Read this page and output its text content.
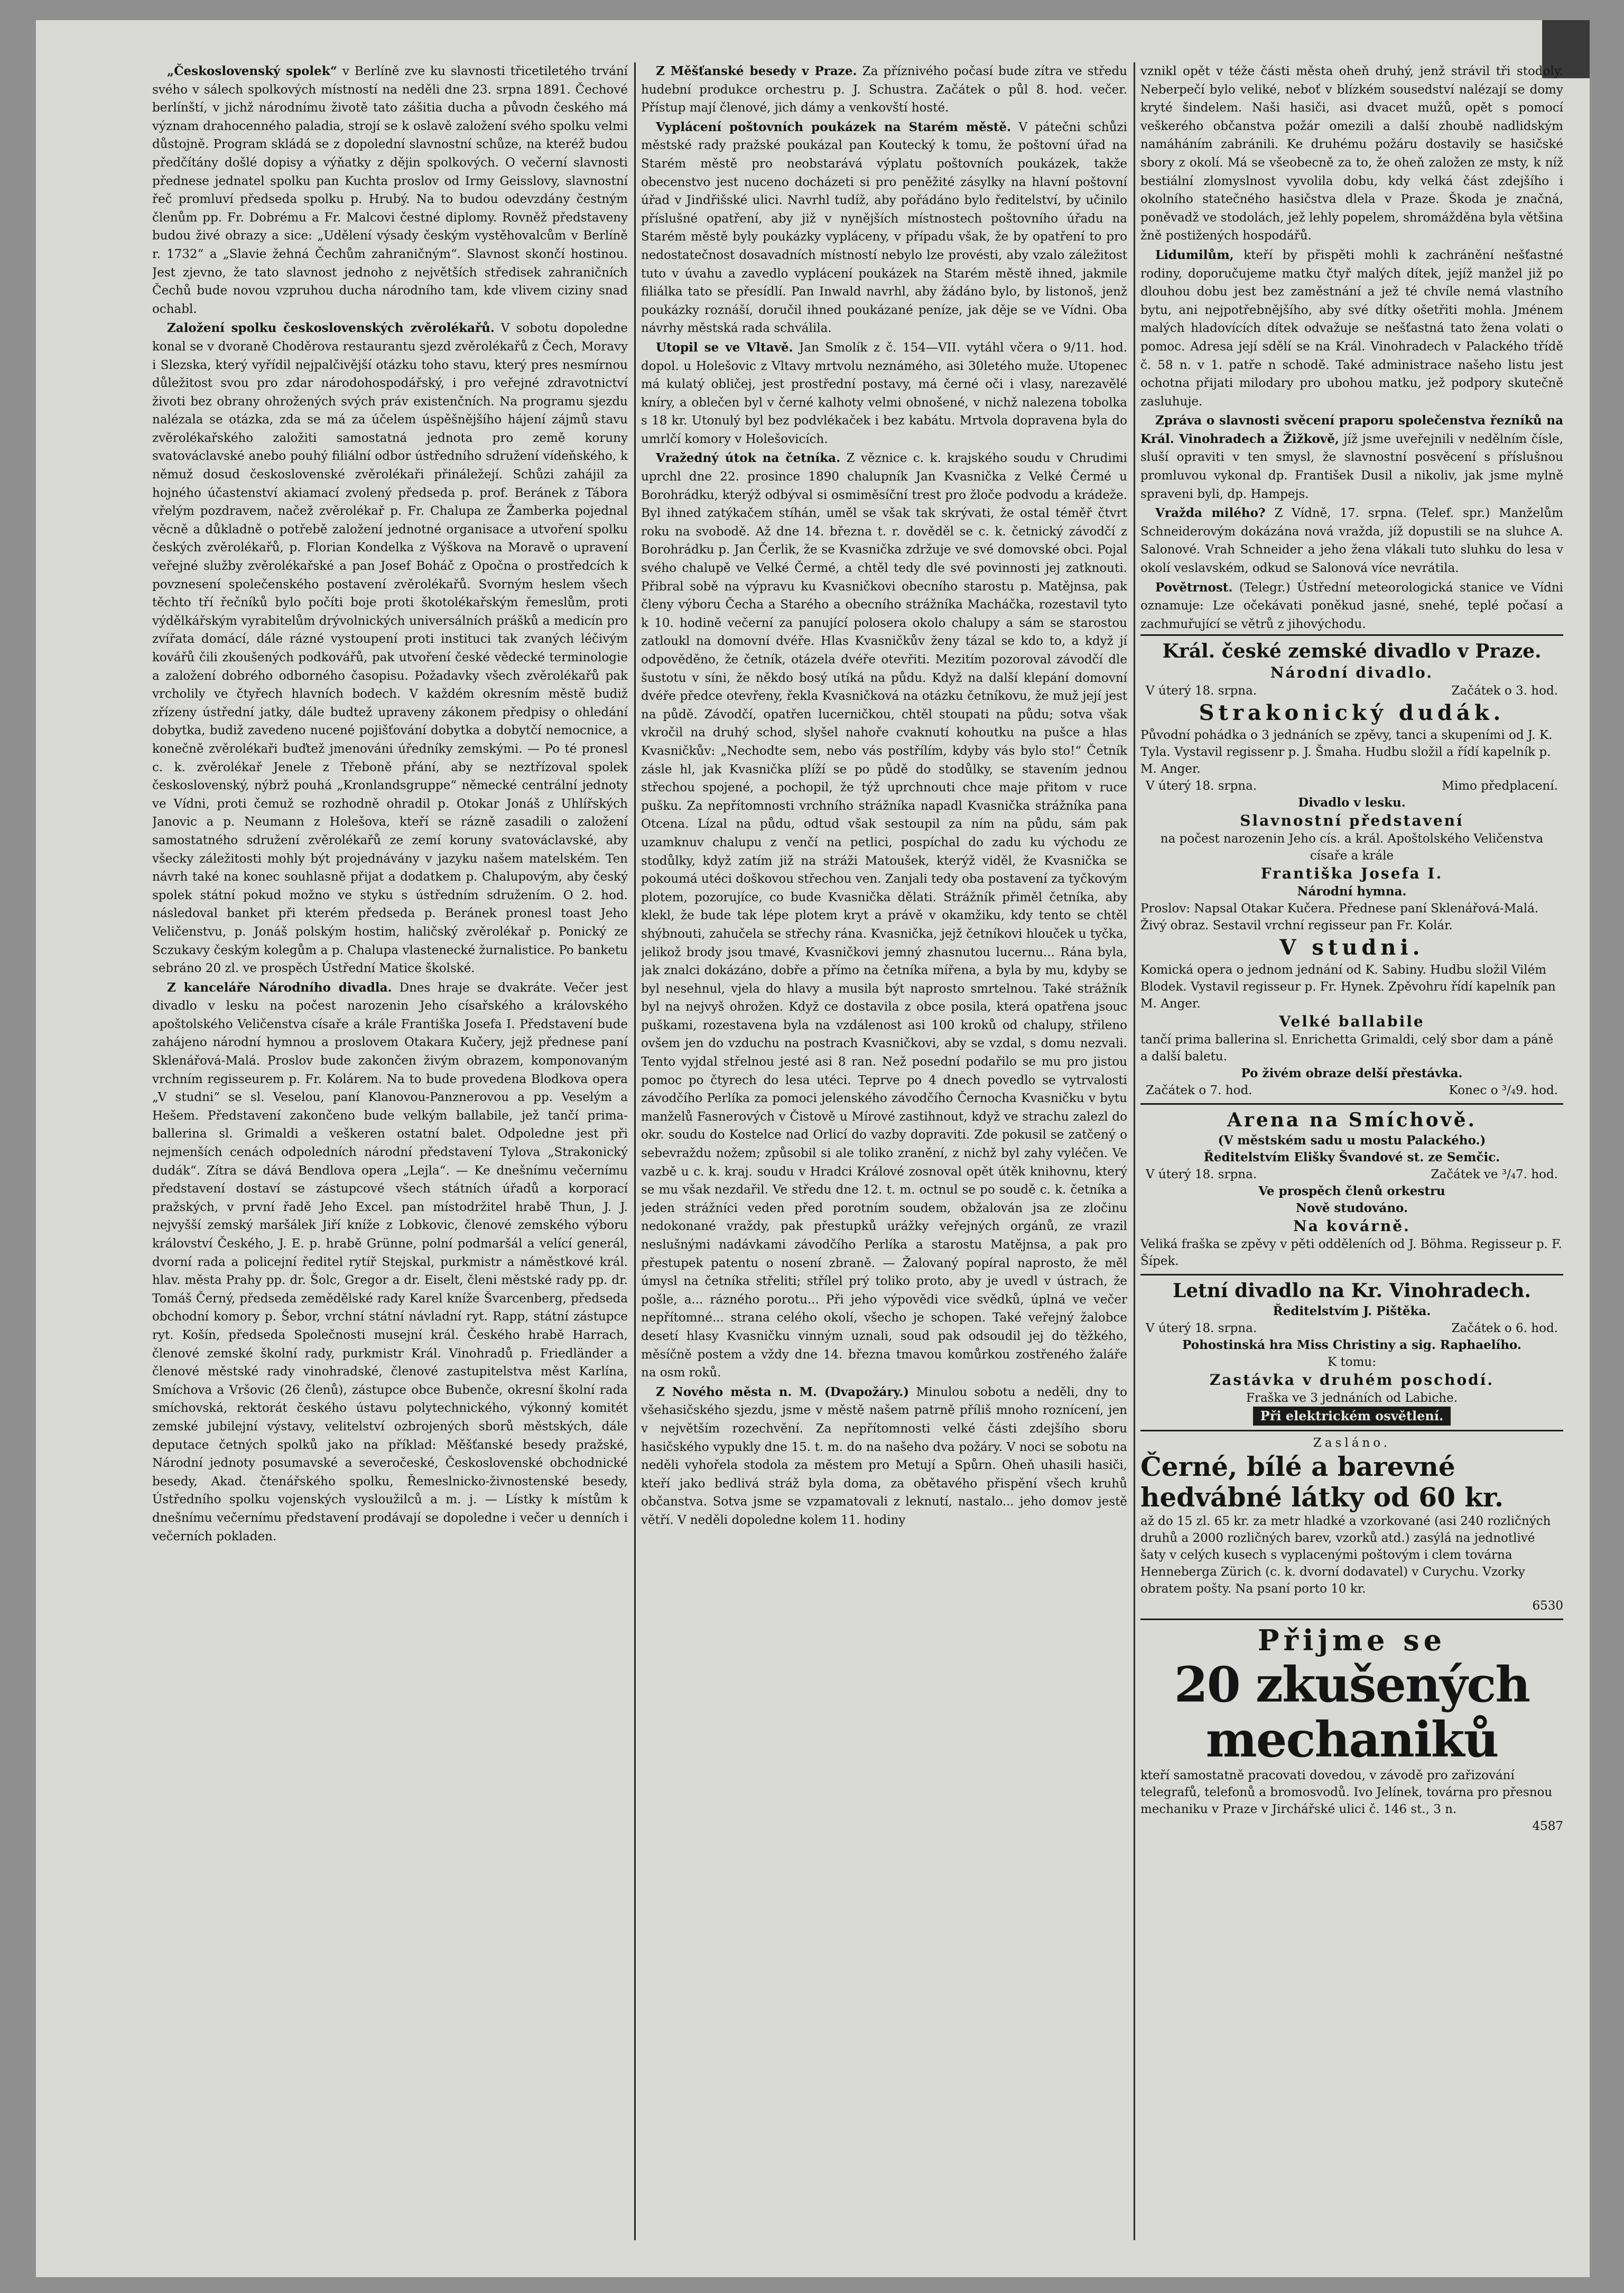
„Československý spolek“ v Berlíně zve ku slavnosti třicetiletého trvání svého v sálech spolkových místností na neděli dne 23. srpna 1891. Čechové berlínští, v jichž národnímu životě tato zášitia ducha a původn českého má význam drahocenného paladia, strojí se k oslavě založení svého spolku velmi důstojně. Program skládá se z dopolední slavnostní schůze, na kteréž budou předčítány došlé dopisy a výňatky z dějin spolkových. O večerní slavnosti přednese jednatel spolku pan Kuchta proslov od Irmy Geisslovy, slavnostní řeč promluví předseda spolku p. Hrubý. Na to budou odevzdány čestným členům pp. Fr. Dobrému a Fr. Malcovi čestné diplomy. Rovněž představeny budou živé obrazy a sice: „Udělení výsady českým vystěhovalcům v Berlíně r. 1732“ a „Slavie žehná Čechům zahraničným“. Slavnost skončí hostinou. Jest zjevno, že tato slavnost jednoho z největších středisek zahraničních Čechů bude novou vzpruhou ducha národního tam, kde vlivem ciziny snad ochabl.

Založení spolku československých zvěrolékařů. V sobotu dopoledne konal se v dvoraně Choděrova restaurantu sjezd zvěrolékařů z Čech, Moravy i Slezska, který vyřídil nejpalčivější otázku toho stavu, který pres nesmírnou důležitost svou pro zdar národohospodářský, i pro veřejné zdravotnictví životi bez obrany ohrožených svých práv existenčních. Na programu sjezdu nalézala se otázka, zda se má za účelem úspěšnějšího hájení zájmů stavu zvěrolékařského založiti samostatná jednota pro země koruny svatováclavské anebo pouhý filiální odbor ústředního sdružení vídeňského, k němuž dosud československé zvěrolékaři přináležejí. Schůzi zahájil za hojného účastenství akiamací zvolený předseda p. prof. Beránek z Tábora vřelým pozdravem, načež zvěrolékař p. Fr. Chalupa ze Žamberka pojednal věcně a důkladně o potřebě založení jednotné organisace a utvoření spolku českých zvěrolékařů, p. Florian Kondelka z Výškova na Moravě o upravení veřejné služby zvěrolékařské a pan Josef Boháč z Opočna o prostředcích k povznesení společenského postavení zvěrolékařů. Svorným heslem všech těchto tří řečníků bylo počíti boje proti škotolékařským řemeslům, proti výdělkářským vyrabitelům drývolnických universálních prášků a medicín pro zvířata domácí, dále rázné vystoupení proti instituci tak zvaných léčivým kovářů čili zkoušených podkovářů, pak utvoření české vědecké terminologie a založení dobrého odborného časopisu. Požadavky všech zvěrolékařů pak vrcholily ve čtyřech hlavních bodech. V každém okresním městě budiž zřízeny ústřední jatky, dále budtež upraveny zákonem předpisy o ohledání dobytka, budiž zavedeno nucené pojišťování dobytka a dobytčí nemocnice, a konečně zvěrolékaři buďtež jmenováni úředníky zemskými. — Po té pronesl c. k. zvěrolékař Jenele z Třeboně přání, aby se neztřízoval spolek československý, nýbrž pouhá „Kronlandsgruppe“ německé centrální jednoty ve Vídni, proti čemuž se rozhodně ohradil p. Otokar Jonáš z Uhlířských Janovic a p. Neumann z Holešova, kteří se rázně zasadili o založení samostatného sdružení zvěrolékařů ze zemí koruny svatováclavské, aby všecky záležitosti mohly být projednávány v jazyku našem matelském. Ten návrh také na konec souhlasně přijat a dodatkem p. Chalupovým, aby český spolek státní pokud možno ve styku s ústředním sdružením. O 2. hod. následoval banket při kterém předseda p. Beránek pronesl toast Jeho Veličenstvu, p. Jonáš polským hostim, haličský zvěrolékař p. Ponický ze Sczukavy českým kolegům a p. Chalupa vlastenecké žurnalistice. Po banketu sebráno 20 zl. ve prospěch Ústřední Matice školské.

Z kanceláře Národního divadla. Dnes hraje se dvakráte. Večer jest divadlo v lesku na počest narozenin Jeho císařského a královského apoštolského Veličenstva císaře a krále Františka Josefa I. Představení bude zahájeno národní hymnou a proslovem Otakara Kučery, jejž přednese paní Sklenářová-Malá. Proslov bude zakončen živým obrazem, komponovaným vrchním regisseurem p. Fr. Kolárem. Na to bude provedena Blodkova opera „V studni“ se sl. Veselou, paní Klanovou-Panznerovou a pp. Veselým a Hešem. Představení zakončeno bude velkým ballabile, jež tančí prima-ballerina sl. Grimaldi a veškeren ostatní balet. Odpoledne jest při nejmenších cenách odpoledních národní představení Tylova „Strakonický dudák“. Zítra se dává Bendlova opera „Lejla“. — Ke dnešnímu večernímu představení dostaví se zástupcové všech státních úřadů a korporací pražských, v první řadě Jeho Excel. pan místodržitel hrabě Thun, J. J. nejvyšší zemský maršálek Jiří kníže z Lobkovic, členové zemského výboru království Českého, J. E. p. hrabě Grünne, polní podmaršál a velící generál, dvorní rada a policejní ředitel rytíř Stejskal, purkmistr a náměstkové král. hlav. města Prahy pp. dr. Šolc, Gregor a dr. Eiselt, členi městské rady pp. dr. Tomáš Černý, předseda zemědělské rady Karel kníže Švarcenberg, předseda obchodní komory p. Šebor, vrchní státní návladní ryt. Rapp, státní zástupce ryt. Košín, předseda Společnosti musejní král. Českého hrabě Harrach, členové zemské školní rady, purkmistr Král. Vinohradů p. Friedländer a členové městské rady vinohradské, členové zastupitelstva měst Karlína, Smíchova a Vršovic (26 členů), zástupce obce Bubenče, okresní školní rada smíchovská, rektorát českého ústavu polytechnického, výkonný komitét zemské jubilejní výstavy, velitelství ozbrojených sborů městských, dále deputace četných spolků jako na příklad: Měšťanské besedy pražské, Národní jednoty posumavské a severočeské, Československé obchodnické besedy, Akad. čtenářského spolku, Řemeslnicko-živnostenské besedy, Ústředního spolku vojenských vysloužilců a m. j. — Lístky k místům k dnešnímu večernímu představení prodávají se dopoledne i večer u denních i večerních pokladen.

Z Měšťanské besedy v Praze. Za příznivého počasí bude zítra ve středu hudební produkce orchestru p. J. Schustra. Začátek o půl 8. hod. večer. Přístup mají členové, jich dámy a venkovští hosté.

Vyplácení poštovních poukázek na Starém městě. V pátečni schůzi městské rady pražské poukázal pan Koutecký k tomu, že poštovní úřad na Starém městě pro neobstarává výplatu poštovních poukázek, takže obecenstvo jest nuceno docházeti si pro peněžité zásylky na hlavní poštovní úřad v Jindřišské ulici. Navrhl tudíž, aby pořádáno bylo ředitelství, by učinilo příslušné opatření, aby již v nynějších místnostech poštovního úřadu na Starém městě byly poukázky vypláceny, v případu však, že by opatření to pro nedostatečnost dosavadních místností nebylo lze provésti, aby vzalo záležitost tuto v úvahu a zavedlo vyplácení poukázek na Starém městě ihned, jakmile filiálka tato se přesídlí. Pan Inwald navrhl, aby žádáno bylo, by listonoš, jenž poukázky roznáší, doručil ihned poukázané peníze, jak děje se ve Vídni. Oba návrhy městská rada schválila.

Utopil se ve Vltavě. Jan Smolík z č. 154—VII. vytáhl včera o 9/11. hod. dopol. u Holešovic z Vltavy mrtvolu neznámého, asi 30letého muže. Utopenec má kulatý obličej, jest prostřední postavy, má černé oči i vlasy, narezavělé kníry, a oblečen byl v černé kalhoty velmi obnošené, v nichž nalezena tobolka s 18 kr. Utonulý byl bez podvlékaček i bez kabátu. Mrtvola dopravena byla do umrlčí komory v Holešovicích.

Vražedný útok na četníka. Z věznice c. k. krajského soudu v Chrudimi uprchl dne 22. prosince 1890 chalupník Jan Kvasnička z Velké Čermé u Borohrádku, kterýž odbýval si osmiměsíční trest pro žloče podvodu a krádeže. Byl ihned zatýkačem stíhán, uměl se však tak skrývati, že ostal téměř čtvrt roku na svobodě. Až dne 14. března t. r. dověděl se c. k. četnický závodčí z Borohrádku p. Jan Čerlik, že se Kvasnička zdržuje ve své domovské obci. Pojal svého chalupě ve Velké Čermé, a chtěl tedy dle své povinnosti jej zatknouti. Přibral sobě na výpravu ku Kvasničkovi obecního starostu p. Matějnsa, pak členy výboru Čecha a Starého a obecního strážníka Macháčka, rozestavil tyto k 10. hodině večerní za panující polosera okolo chalupy a sám se starostou zatloukl na domovní dvéře. Hlas Kvasničkův ženy tázal se kdo to, a když jí odpověděno, že četník, otázela dvéře otevřiti. Mezitím pozoroval závodčí dle šustotu v síni, že někdo bosý utíká na půdu. Když na další klepání domovní dvéře předce otevřeny, řekla Kvasničková na otázku četníkovu, že muž její jest na půdě. Závodčí, opatřen lucerničkou, chtěl stoupati na půdu; sotva však vkročil na druhý schod, slyšel nahoře cvaknutí kohoutku na pušce a hlas Kvasničkův: „Nechodte sem, nebo vás postřílím, kdyby vás bylo sto!“ Četník zásle hl, jak Kvasnička plíží se po půdě do stodůlky, se stavením jednou střechou spojené, a pochopil, že týž uprchnouti chce maje přitom v ruce pušku. Za nepřítomnosti vrchního strážníka napadl Kvasnička strážníka pana Otcena. Lízal na půdu, odtud však sestoupil za ním na půdu, sám pak uzamknuv chalupu z venčí na petlici, pospíchal do zadu ku východu ze stodůlky, když zatím již na stráži Matoušek, kterýž viděl, že Kvasnička se pokoumá utéci doškovou střechou ven. Zanjali tedy oba postavení za tyčkovým plotem, pozorujíce, co bude Kvasnička dělati. Strážník přiměl četníka, aby klekl, že bude tak lépe plotem kryt a právě v okamžiku, kdy tento se chtěl shýbnouti, zahučela se střechy rána. Kvasnička, jejž četníkovi hlouček u tyčka, jelikož brody jsou tmavé, Kvasničkovi jemný zhasnutou lucernu... Rána byla, jak znalci dokázáno, dobře a přímo na četníka mířena, a byla by mu, kdyby se byl nesehnul, vjela do hlavy a musila být naprosto smrtelnou. Také strážník byl na nejvyš ohrožen. Když ce dostavila z obce posila, která opatřena jsouc puškami, rozestavena byla na vzdálenost asi 100 kroků od chalupy, střileno ovšem jen do vzduchu na postrach Kvasničkovi, aby se vzdal, s domu nezvali. Tento vyjdal střelnou jesté asi 8 ran. Než posední podařilo se mu pro jistou pomoc po čtyrech do lesa utéci. Teprve po 4 dnech povedlo se vytrvalosti závodčího Perlíka za pomoci jelenského závodčího Černocha Kvasničku v bytu manželů Fasnerových v Čistově u Mírové zastihnout, když ve strachu zalezl do okr. soudu do Kostelce nad Orlicí do vazby dopraviti. Zde pokusil se zatčený o sebevraždu nožem; způsobil si ale toliko zranění, z nichž byl zahy vyléčen. Ve vazbě u c. k. kraj. soudu v Hradci Králové zosnoval opět útěk knihovnu, který se mu však nezdařil. Ve středu dne 12. t. m. octnul se po soudě c. k. četníka a jeden strážníci veden před porotním soudem, obžalován jsa ze zločinu nedokonané vraždy, pak přestupků urážky veřejných orgánů, ze vrazil neslušnými nadávkami závodčího Perlíka a starostu Matějnsa, a pak pro přestupek patentu o nosení zbraně. — Žalovaný popíral naprosto, že měl úmysl na četníka střeliti; střílel prý toliko proto, aby je uvedl v ústrach, že pošle, a... rázného porotu... Při jeho výpovědi vice svědků, úplná ve večer nepřítomné... strana celého okolí, všecho je schopen. Také veřejný žalobce desetí hlasy Kvasničku vinným uznali, soud pak odsoudil jej do těžkého, měsíčně postem a vždy dne 14. března tmavou komůrkou zostřeného žaláře na osm roků.

Z Nového města n. M. (Dvapožáry.) Minulou sobotu a neděli, dny to všehasičského sjezdu, jsme v městě našem patrně příliš mnoho roznícení, jen v největším rozechvění. Za nepřítomnosti velké části zdejšího sboru hasičského vypukly dne 15. t. m. do na našeho dva požáry. V noci se sobotu na neděli vyhořela stodola za městem pro Metují a Spůrn. Oheň uhasili hasiči, kteří jako bedlivá stráž byla doma, za obětavého přispění všech kruhů občanstva. Sotva jsme se vzpamatovali z leknutí, nastalo... jeho domov jestě větří. V neděli dopoledne kolem 11. hodiny

vznikl opět v téže části města oheň druhý, jenž strávil tři stodoly. Neberpečí bylo veliké, neboť v blízkém sousedství nalézají se domy kryté šindelem. Naši hasiči, asi dvacet mužů, opět s pomocí veškerého občanstva požár omezili a další zhoubě nadlidským namáháním zabránili. Ke druhému požáru dostavily se hasičské sbory z okolí. Má se všeobecně za to, že oheň založen ze msty, k níž bestiální zlomyslnost vyvolila dobu, kdy velká část zdejšího i okolního statečného hasičstva dlela v Praze. Škoda je značná, poněvadž ve stodolách, jež lehly popelem, shromážděna byla většina žně postižených hospodářů.

Lidumilům, kteří by přispěti mohli k zachránění nešťastné rodiny, doporučujeme matku čtyř malých dítek, jejíž manžel již po dlouhou dobu jest bez zaměstnání a jež té chvíle nemá vlastního bytu, ani nejpotřebnějšího, aby své dítky ošetřiti mohla. Jménem malých hladovících dítek odvažuje se nešťastná tato žena volati o pomoc. Adresa její sdělí se na Král. Vinohradech v Palackého třídě č. 58 n. v 1. patře n schodě. Také administrace našeho listu jest ochotna přijati milodary pro ubohou matku, jež podpory skutečně zasluhuje.

Zpráva o slavnosti svěcení praporu společenstva řezníků na Král. Vinohradech a Žižkově, jíž jsme uveřejnili v nedělním čísle, sluší opraviti v ten smysl, že slavnostní posvěcení s příslušnou promluvou vykonal dp. František Dusil a nikoliv, jak jsme mylně spraveni byli, dp. Hampejs.

Vražda milého? Z Vídně, 17. srpna. (Telef. spr.) Manželům Schneiderovým dokázána nová vražda, jíž dopustili se na sluhce A. Salonové. Vrah Schneider a jeho žena vlákali tuto sluhku do lesa v okolí veslavském, odkud se Salonová více nevrátila.

Povětrnost. (Telegr.) Ústřední meteorologická stanice ve Vídni oznamuje: Lze očekávati poněkud jasné, snehé, teplé počasí a zachmuřující se větrů z jihovýchodu.

Král. české zemské divadlo v Praze.
Národní divadlo.
V úterý 18. srpna.	Začátek o 3. hod.
Strakonický dudák.
Původní pohádka o 3 jednáních se zpěvy, tanci a skupeními od J. K. Tyla. Vystavil regissenr p. J. Šmaha. Hudbu složil a řídí kapelník p. M. Anger.
V úterý 18. srpna.	Mimo předplacení.
Divadlo v lesku.
Slavnostní představení
na počest narozenin Jeho cís. a král. Apoštolského Veličenstva císaře a krále
Františka Josefa I.
Národní hymna.
Proslov: Napsal Otakar Kučera. Přednese paní Sklenářová-Malá.
Živý obraz. Sestavil vrchní regisseur pan Fr. Kolár.
V studni.
Komická opera o jednom jednání od K. Sabiny. Hudbu složil Vilém Blodek. Vystavil regisseur p. Fr. Hynek. Zpěvohru řídí kapelník pan M. Anger.
Velké ballabile
tančí prima ballerina sl. Enrichetta Grimaldi, celý sbor dam a páně a další baletu.
Po živém obraze delší přestávka.
Začátek o 7. hod.	Konec o ³/₄9. hod.
Arena na Smíchově.
(V městském sadu u mostu Palackého.)
Ředitelstvím Elišky Švandové st. ze Semčic.
V úterý 18. srpna.	Začátek ve ³/₄7. hod.
Ve prospěch členů orkestru
Nově studováno.
Na kovárně.
Veliká fraška se zpěvy v pěti odděleních od J. Böhma. Regisseur p. F. Šípek.
Letní divadlo na Kr. Vinohradech.
Ředitelstvím J. Pištěka.
V úterý 18. srpna.	Začátek o 6. hod.
Pohostinská hra Miss Christiny a sig. Raphaelího.
K tomu:
Zastávka v druhém poschodí.
Fraška ve 3 jednáních od Labiche.
Při elektrickém osvětlení.
Zasláno.
Černé, bílé a barevné hedvábné látky od 60 kr.
až do 15 zl. 65 kr. za metr hladké a vzorkované (asi 240 rozličných druhů a 2000 rozličných barev, vzorků atd.) zasýlá na jednotlivé šaty v celých kusech s vyplacenými poštovým i clem továrna Henneberga Zürich (c. k. dvorní dodavatel) v Curychu. Vzorky obratem pošty. Na psaní porto 10 kr.
6530
Přijme se
20 zkušených mechaniků
kteří samostatně pracovati dovedou, v závodě pro zařizování telegrafů, telefonů a bromosvodů. Ivo Jelínek, továrna pro přesnou mechaniku v Praze v Jirchářské ulici č. 146 st., 3 n.
4587
